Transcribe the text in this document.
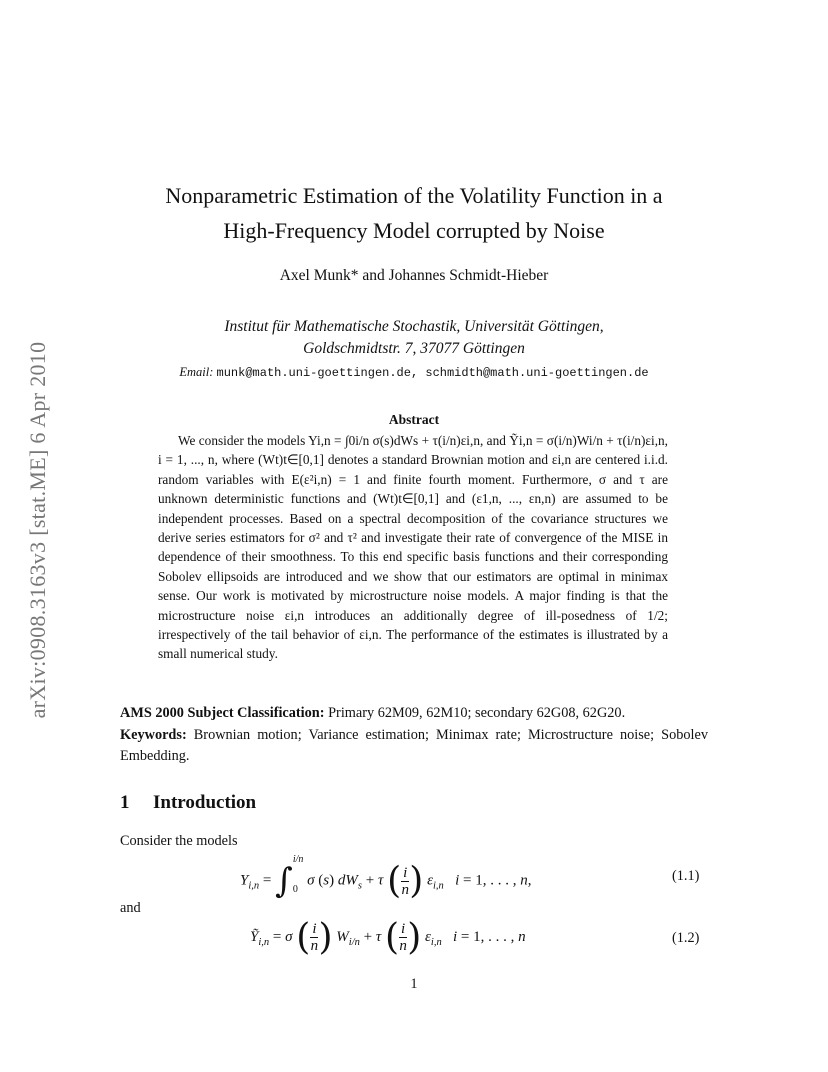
arXiv:0908.3163v3 [stat.ME] 6 Apr 2010
Nonparametric Estimation of the Volatility Function in a
High-Frequency Model corrupted by Noise
Axel Munk* and Johannes Schmidt-Hieber
Institut für Mathematische Stochastik, Universität Göttingen,
Goldschmidtstr. 7, 37077 Göttingen
Email: munk@math.uni-goettingen.de, schmidth@math.uni-goettingen.de
Abstract

We consider the models Yi,n = ∫0i/n σ(s)dWs + τ(i/n)εi,n, and Ỹi,n = σ(i/n)Wi/n + τ(i/n)εi,n, i = 1, ..., n, where (Wt)t∈[0,1] denotes a standard Brownian motion and εi,n are centered i.i.d. random variables with E(ε²i,n) = 1 and finite fourth moment. Furthermore, σ and τ are unknown deterministic functions and (Wt)t∈[0,1] and (ε1,n, ..., εn,n) are assumed to be independent processes. Based on a spectral decomposition of the covariance structures we derive series estimators for σ² and τ² and investigate their rate of convergence of the MISE in dependence of their smoothness. To this end specific basis functions and their corresponding Sobolev ellipsoids are introduced and we show that our estimators are optimal in minimax sense. Our work is motivated by microstructure noise models. A major finding is that the microstructure noise εi,n introduces an additionally degree of ill-posedness of 1/2; irrespectively of the tail behavior of εi,n. The performance of the estimates is illustrated by a small numerical study.

AMS 2000 Subject Classification: Primary 62M09, 62M10; secondary 62G08, 62G20.
Keywords: Brownian motion; Variance estimation; Minimax rate; Microstructure noise; Sobolev Embedding.
1 Introduction
Consider the models
$Y_{i,n}$ = ∫
i/n
0
σ (s) $dW_s + \tau$ ( $\frac{i}{n}$ ) $\varepsilon_{i,n}$ i = 1, . . . , n,	(1.1)
and
Ỹ$_{i,n}$ = σ ( $\frac{i}{n}$ ) $W_{i/n} + \tau$ ( $\frac{i}{n}$ ) $\varepsilon_{i,n}$ i = 1, . . . , n	(1.2)
1
